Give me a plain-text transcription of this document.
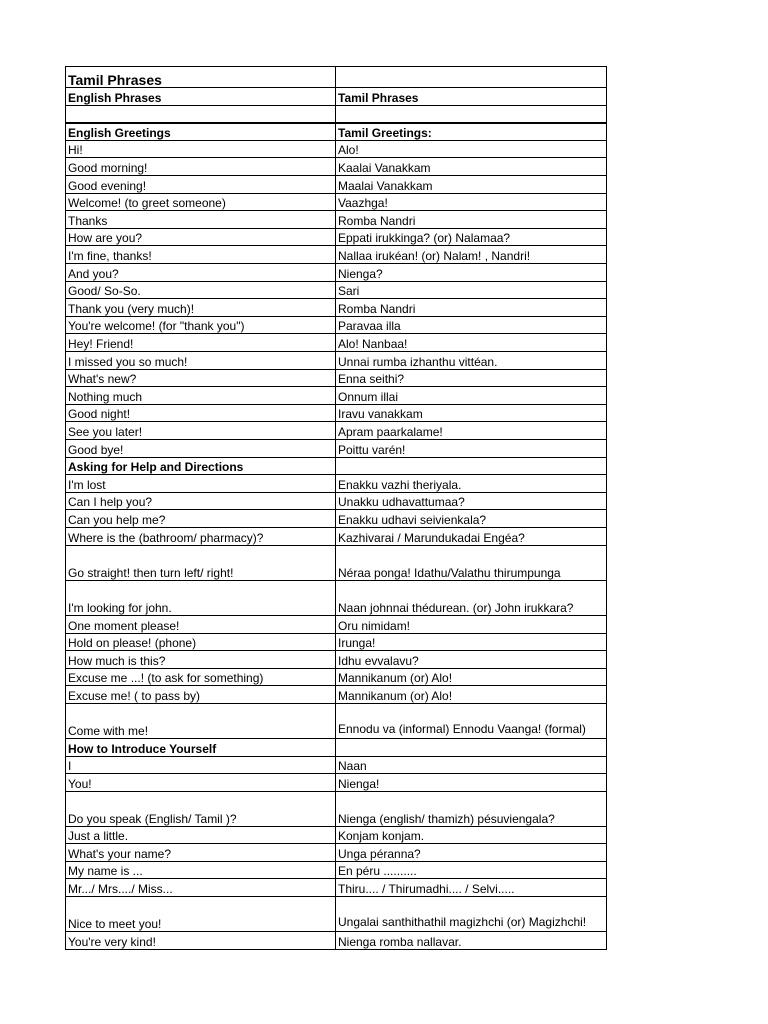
Tamil Phrases	
English Phrases	Tamil Phrases

English Greetings	Tamil Greetings:
Hi!	Alo!
Good morning!	Kaalai Vanakkam
Good evening!	Maalai Vanakkam
Welcome! (to greet someone)	Vaazhga!
Thanks	Romba Nandri
How are you?	Eppati irukkinga? (or) Nalamaa?
I'm fine, thanks!	Nallaa irukéan! (or) Nalam! , Nandri!
And you?	Nienga?
Good/ So-So.	Sari
Thank you (very much)!	Romba Nandri
You're welcome! (for "thank you")	Paravaa illa
Hey! Friend!	Alo! Nanbaa!
I missed you so much!	Unnai rumba izhanthu vittéan.
What's new?	Enna seithi?
Nothing much	Onnum illai
Good night!	Iravu vanakkam
See you later!	Apram paarkalame!
Good bye!	Poittu varén!
Asking for Help and Directions	
I'm lost	Enakku vazhi theriyala.
Can I help you?	Unakku udhavattumaa?
Can you help me?	Enakku udhavi seivienkala?
Where is the (bathroom/ pharmacy)?	Kazhivarai / Marundukadai Engéa?
Go straight! then turn left/ right!	Néraa ponga! Idathu/Valathu thirumpunga
I'm looking for john.	Naan johnnai thédurean. (or) John irukkara?
One moment please!	Oru nimidam!
Hold on please! (phone)	Irunga!
How much is this?	Idhu evvalavu?
Excuse me ...! (to ask for something)	Mannikanum (or) Alo!
Excuse me! ( to pass by)	Mannikanum (or) Alo!
Come with me!	Ennodu va (informal) Ennodu Vaanga! (formal)
How to Introduce Yourself	
I	Naan
You!	Nienga!
Do you speak (English/ Tamil )?	Nienga (english/ thamizh) pésuviengala?
Just a little.	Konjam konjam.
What's your name?	Unga péranna?
My name is ...	En péru ..........
Mr.../ Mrs..../ Miss...	Thiru.... / Thirumadhi.... / Selvi.....
Nice to meet you!	Ungalai santhithathil magizhchi (or) Magizhchi!
You're very kind!	Nienga romba nallavar.
